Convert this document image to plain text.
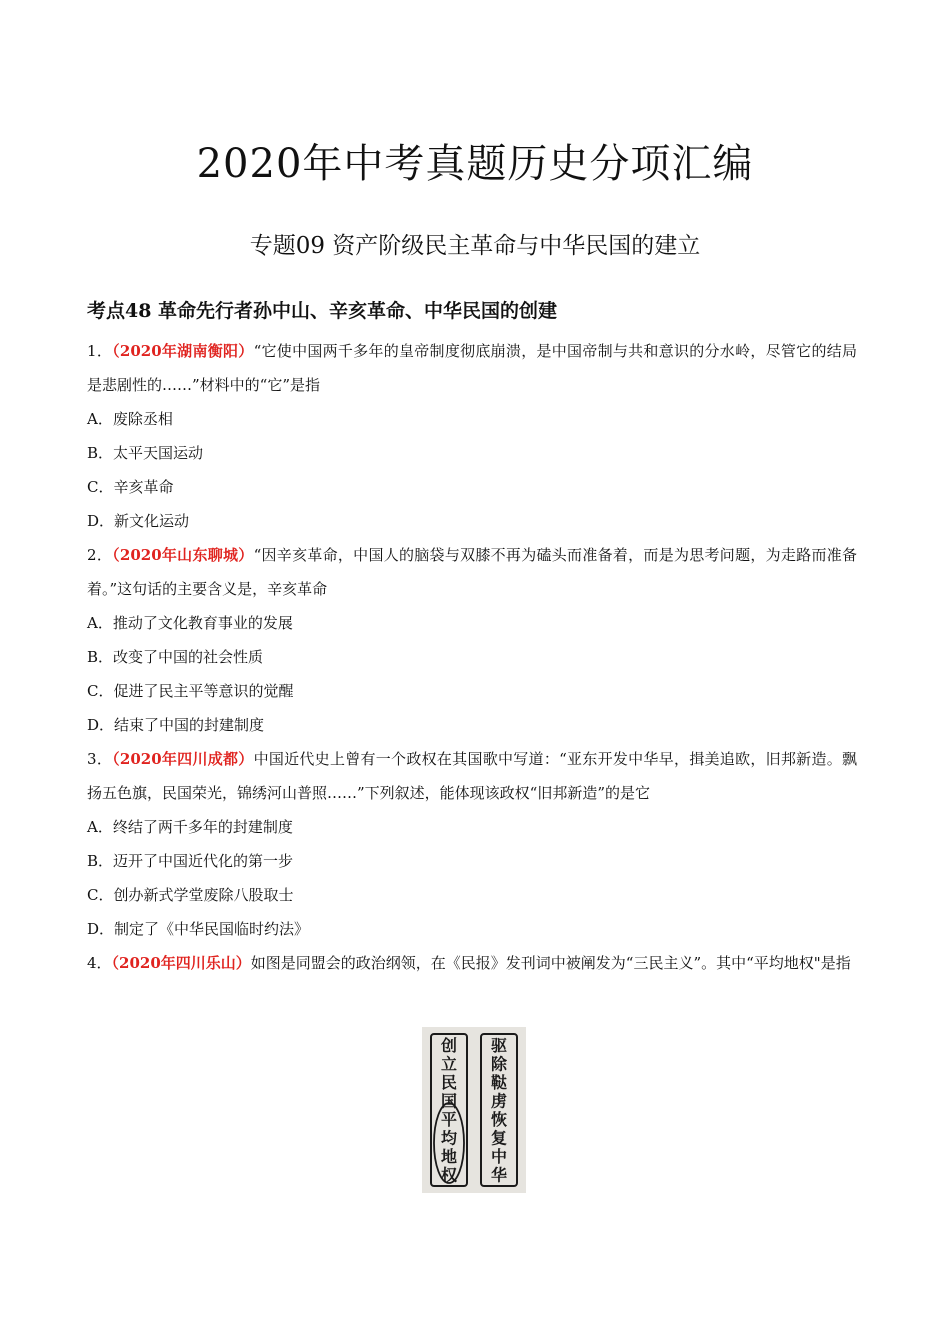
2020年中考真题历史分项汇编
专题09 资产阶级民主革命与中华民国的建立
考点48 革命先行者孙中山、辛亥革命、中华民国的创建

1．（2020年湖南衡阳）“它使中国两千多年的皇帝制度彻底崩溃，是中国帝制与共和意识的分水岭，尽管它的结局是悲剧性的……”材料中的“它”是指

A．废除丞相

B．太平天国运动

C．辛亥革命

D．新文化运动

2．（2020年山东聊城）“因辛亥革命，中国人的脑袋与双膝不再为磕头而准备着，而是为思考问题，为走路而准备着。”这句话的主要含义是，辛亥革命

A．推动了文化教育事业的发展

B．改变了中国的社会性质

C．促进了民主平等意识的觉醒

D．结束了中国的封建制度

3．（2020年四川成都）中国近代史上曾有一个政权在其国歌中写道：“亚东开发中华早，揖美追欧，旧邦新造。飘扬五色旗，民国荣光，锦绣河山普照……”下列叙述，能体现该政权“旧邦新造”的是它

A．终结了两千多年的封建制度

B．迈开了中国近代化的第一步

C．创办新式学堂废除八股取士

D．制定了《中华民国临时约法》

4．（2020年四川乐山）如图是同盟会的政治纲领，在《民报》发刊词中被阐发为“三民主义”。其中“平均地权"是指

创
立
民
国
平
均
地
权
驱
除
鞑
虏
恢
复
中
华
